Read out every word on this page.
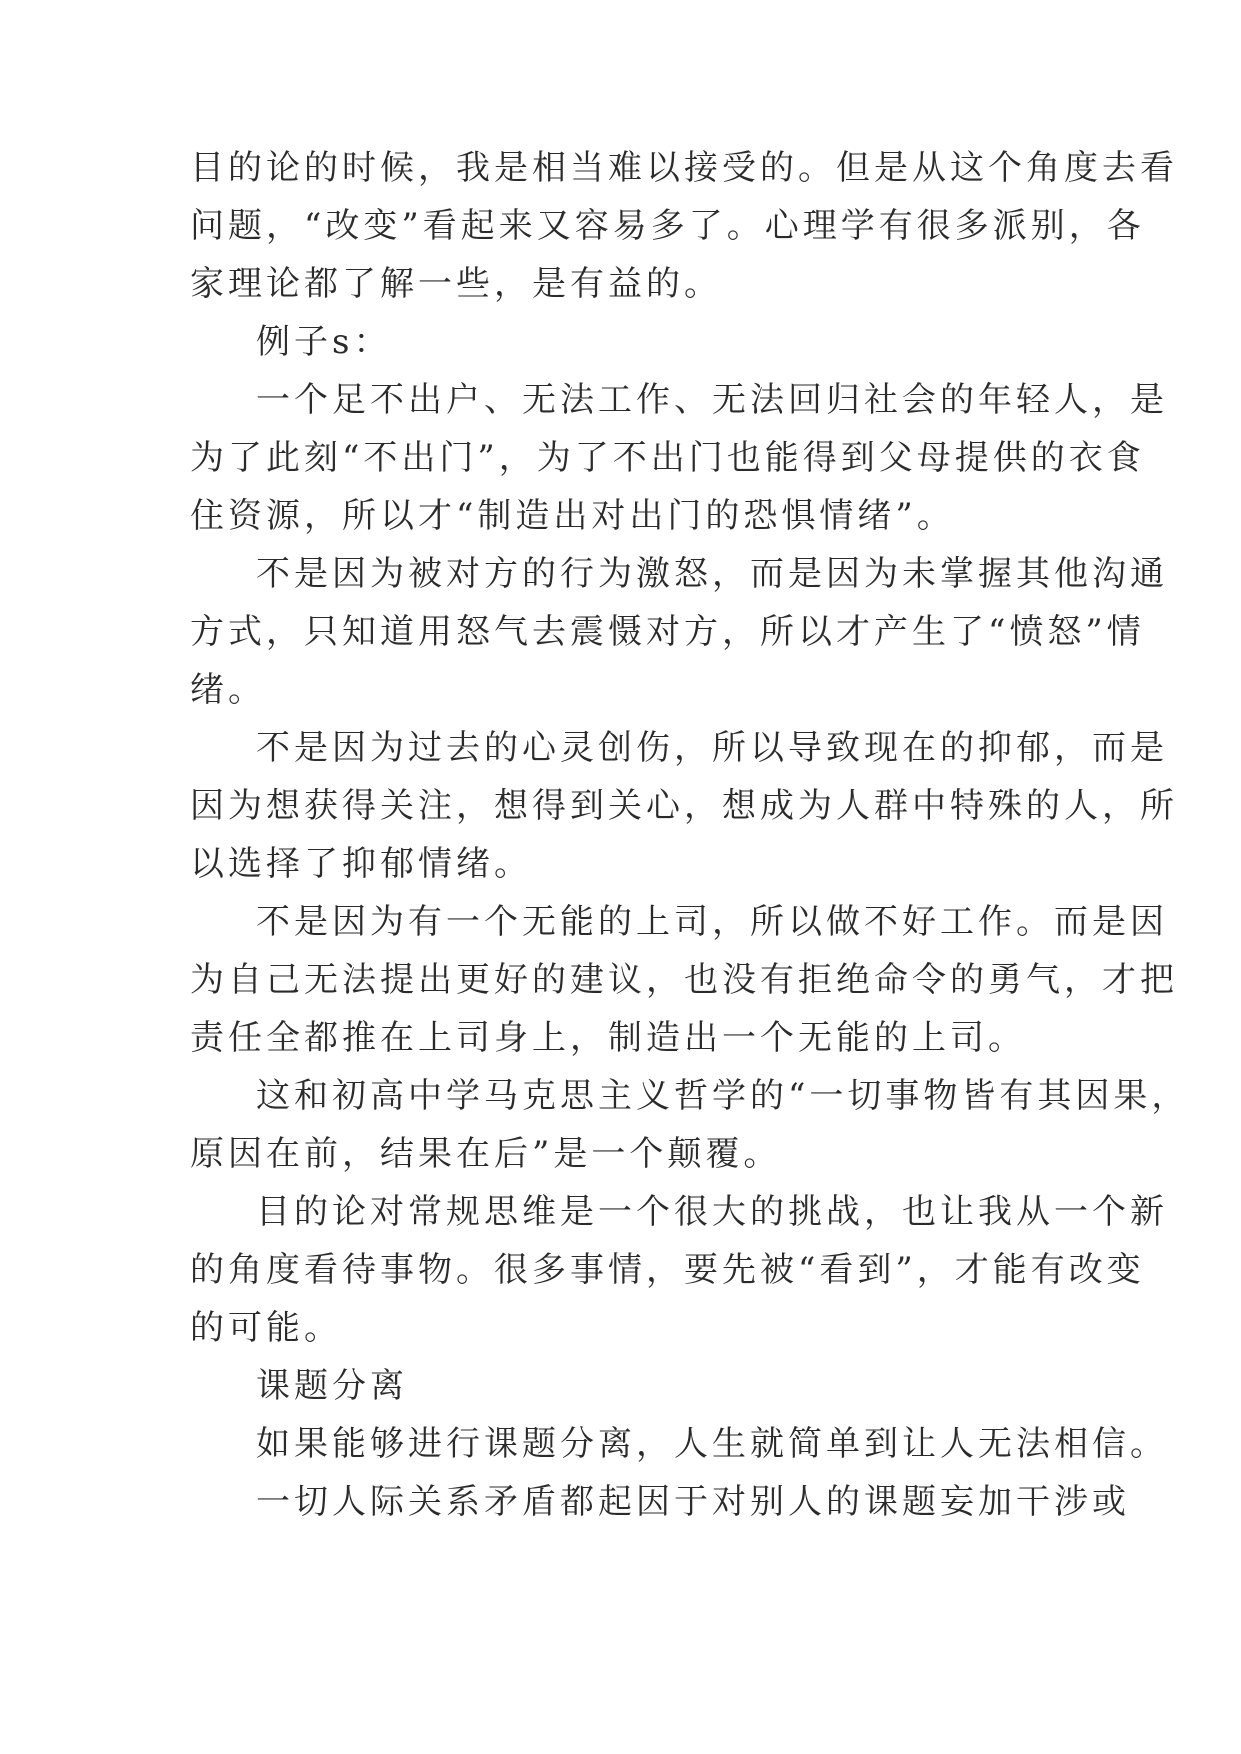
目的论的时候，我是相当难以接受的。但是从这个角度去看
问题，“改变”看起来又容易多了。心理学有很多派别，各
家理论都了解一些，是有益的。
例子s：
一个足不出户、无法工作、无法回归社会的年轻人，是
为了此刻“不出门”，为了不出门也能得到父母提供的衣食
住资源，所以才“制造出对出门的恐惧情绪”。
不是因为被对方的行为激怒，而是因为未掌握其他沟通
方式，只知道用怒气去震慑对方，所以才产生了“愤怒”情
绪。
不是因为过去的心灵创伤，所以导致现在的抑郁，而是
因为想获得关注，想得到关心，想成为人群中特殊的人，所
以选择了抑郁情绪。
不是因为有一个无能的上司，所以做不好工作。而是因
为自己无法提出更好的建议，也没有拒绝命令的勇气，才把
责任全都推在上司身上，制造出一个无能的上司。
这和初高中学马克思主义哲学的“一切事物皆有其因果，
原因在前，结果在后”是一个颠覆。
目的论对常规思维是一个很大的挑战，也让我从一个新
的角度看待事物。很多事情，要先被“看到”，才能有改变
的可能。
课题分离
如果能够进行课题分离，人生就简单到让人无法相信。
一切人际关系矛盾都起因于对别人的课题妄加干涉或
